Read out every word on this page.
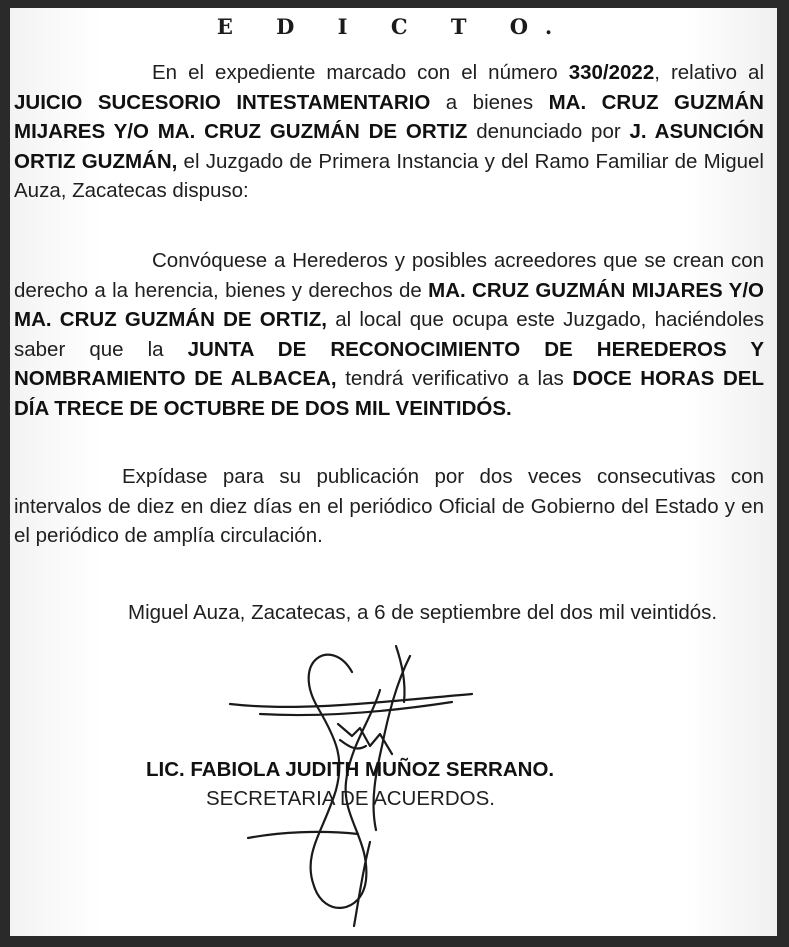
E D I C T O.

En el expediente marcado con el número 330/2022, relativo al JUICIO SUCESORIO INTESTAMENTARIO a bienes MA. CRUZ GUZMÁN MIJARES Y/O MA. CRUZ GUZMÁN DE ORTIZ denunciado por J. ASUNCIÓN ORTIZ GUZMÁN, el Juzgado de Primera Instancia y del Ramo Familiar de Miguel Auza, Zacatecas dispuso:

Convóquese a Herederos y posibles acreedores que se crean con derecho a la herencia, bienes y derechos de MA. CRUZ GUZMÁN MIJARES Y/O MA. CRUZ GUZMÁN DE ORTIZ, al local que ocupa este Juzgado, haciéndoles saber que la JUNTA DE RECONOCIMIENTO DE HEREDEROS Y NOMBRAMIENTO DE ALBACEA, tendrá verificativo a las DOCE HORAS DEL DÍA TRECE DE OCTUBRE DE DOS MIL VEINTIDÓS.

Expídase para su publicación por dos veces consecutivas con intervalos de diez en diez días en el periódico Oficial de Gobierno del Estado y en el periódico de amplía circulación.

Miguel Auza, Zacatecas, a 6 de septiembre del dos mil veintidós.

LIC. FABIOLA JUDITH MUÑOZ SERRANO.

SECRETARIA DE ACUERDOS.
